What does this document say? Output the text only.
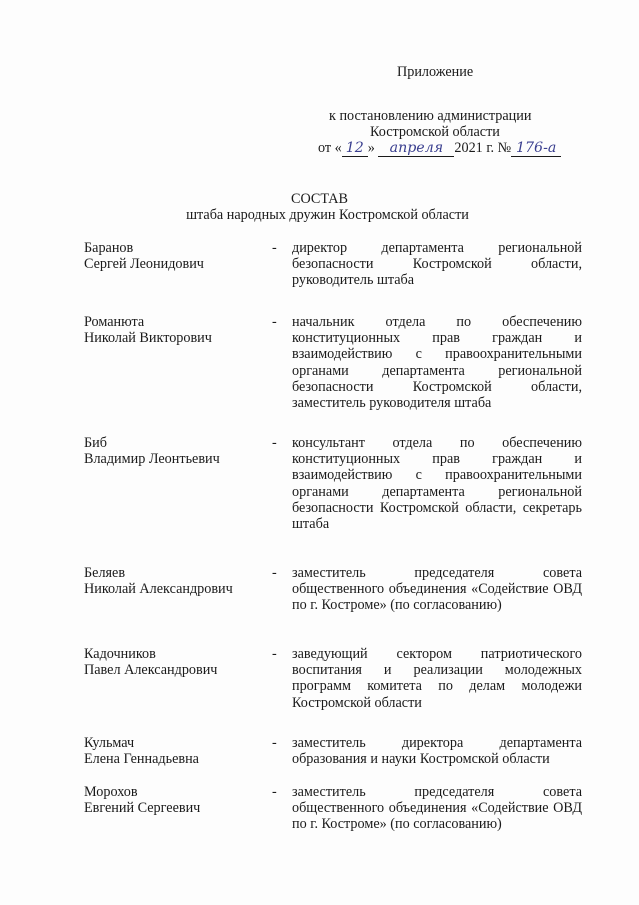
Приложение
к постановлению администрации
Костромской области
от « 12 » апреля 2021 г. № 176-а
СОСТАВ
штаба народных дружин Костромской области
Баранов
Сергей Леонидович
- директор департамента региональной безопасности Костромской области, руководитель штаба
Романюта
Николай Викторович
- начальник отдела по обеспечению конституционных прав граждан и взаимодействию с правоохранительными органами департамента региональной безопасности Костромской области, заместитель руководителя штаба
Биб
Владимир Леонтьевич
- консультант отдела по обеспечению конституционных прав граждан и взаимодействию с правоохранительными органами департамента региональной безопасности Костромской области, секретарь штаба
Беляев
Николай Александрович
- заместитель председателя совета общественного объединения «Содействие ОВД по г. Костроме» (по согласованию)
Кадочников
Павел Александрович
- заведующий сектором патриотического воспитания и реализации молодежных программ комитета по делам молодежи Костромской области
Кульмач
Елена Геннадьевна
- заместитель директора департамента образования и науки Костромской области
Морохов
Евгений Сергеевич
- заместитель председателя совета общественного объединения «Содействие ОВД по г. Костроме» (по согласованию)
